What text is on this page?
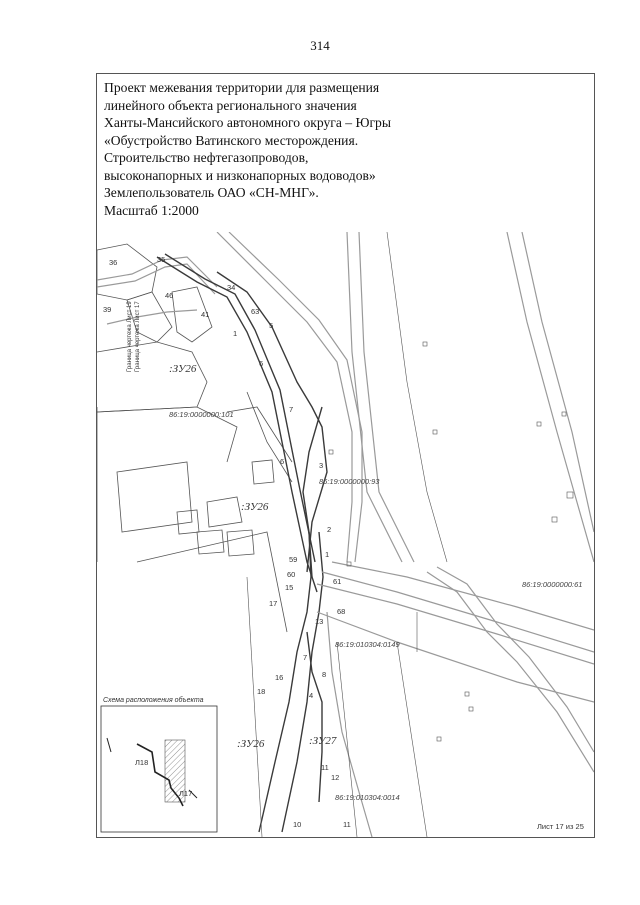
314
Проект межевания территории для размещения
линейного объекта регионального значения
Ханты-Мансийского автономного округа – Югры
«Обустройство Ватинского месторождения.
Строительство нефтегазопроводов,
высоконапорных и низконапорных водоводов»
Землепользователь ОАО «СН-МНГ».
Масштаб 1:2000
36	35
34
46
41
39	63
5
1
6
7
6	3
2
1
59
60
15
17
61
68
13
7
16
18
8
4
11
12
10	11
:ЗУ26
:ЗУ26
:ЗУ26	:ЗУ27
86:19:0000000:101
86:19:0000000:93
86:19:0000000:61
86:19:010304:0149
86:19:010304:0014
Граница чертежа Лист 19 Граница чертежа Лист 17
Л18
Л17
Схема расположения объекта
Лист 17 из 25
